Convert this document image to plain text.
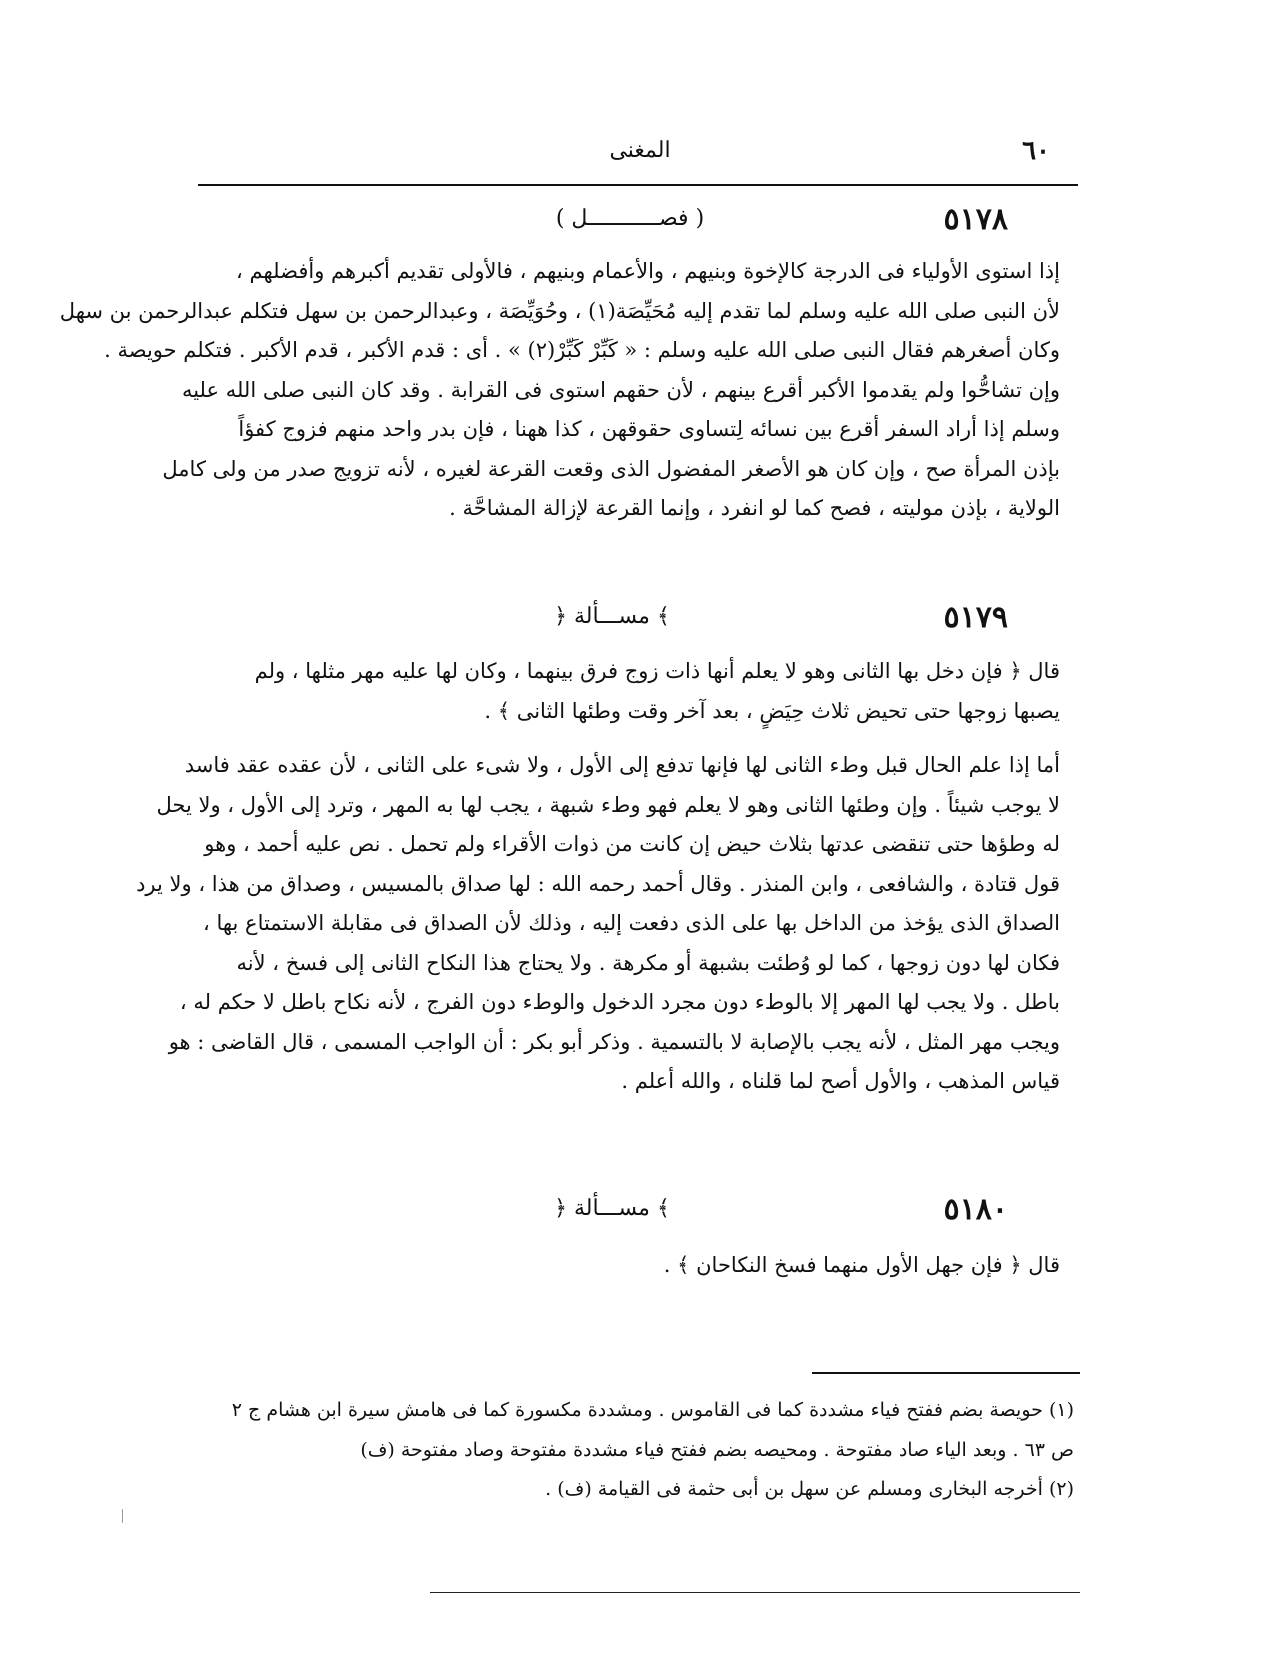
المغنى	٦٠
٥١٧٨
( فصـــــــــــل )
إذا استوى الأولياء فى الدرجة كالإخوة وبنيهم ، والأعمام وبنيهم ، فالأولى تقديم أكبرهم وأفضلهم ،
لأن النبى صلى الله عليه وسلم لما تقدم إليه مُحَيِّصَة(١) ، وحُوَيِّصَة ، وعبدالرحمن بن سهل فتكلم عبدالرحمن بن سهل
وكان أصغرهم فقال النبى صلى الله عليه وسلم : « كَبِّرْ كَبِّرْ(٢) » . أى : قدم الأكبر ، قدم الأكبر . فتكلم حويصة .
وإن تشاحُّوا ولم يقدموا الأكبر أقرع بينهم ، لأن حقهم استوى فى القرابة . وقد كان النبى صلى الله عليه
وسلم إذا أراد السفر أقرع بين نسائه لِتساوى حقوقهن ، كذا ههنا ، فإن بدر واحد منهم فزوج كفؤاً
بإذن المرأة صح ، وإن كان هو الأصغر المفضول الذى وقعت القرعة لغيره ، لأنه تزويج صدر من ولى كامل
الولاية ، بإذن موليته ، فصح كما لو انفرد ، وإنما القرعة لإزالة المشاحَّة .
٥١٧٩
﴿ مســـألة ﴾
قال ﴿ فإن دخل بها الثانى وهو لا يعلم أنها ذات زوج فرق بينهما ، وكان لها عليه مهر مثلها ، ولم
يصبها زوجها حتى تحيض ثلاث حِيَضٍ ، بعد آخر وقت وطئها الثانى ﴾ .
أما إذا علم الحال قبل وطء الثانى لها فإنها تدفع إلى الأول ، ولا شىء على الثانى ، لأن عقده عقد فاسد
لا يوجب شيئاً . وإن وطئها الثانى وهو لا يعلم فهو وطء شبهة ، يجب لها به المهر ، وترد إلى الأول ، ولا يحل
له وطؤها حتى تنقضى عدتها بثلاث حيض إن كانت من ذوات الأقراء ولم تحمل . نص عليه أحمد ، وهو
قول قتادة ، والشافعى ، وابن المنذر . وقال أحمد رحمه الله : لها صداق بالمسيس ، وصداق من هذا ، ولا يرد
الصداق الذى يؤخذ من الداخل بها على الذى دفعت إليه ، وذلك لأن الصداق فى مقابلة الاستمتاع بها ،
فكان لها دون زوجها ، كما لو وُطئت بشبهة أو مكرهة . ولا يحتاج هذا النكاح الثانى إلى فسخ ، لأنه
باطل . ولا يجب لها المهر إلا بالوطء دون مجرد الدخول والوطء دون الفرج ، لأنه نكاح باطل لا حكم له ،
ويجب مهر المثل ، لأنه يجب بالإصابة لا بالتسمية . وذكر أبو بكر : أن الواجب المسمى ، قال القاضى : هو
قياس المذهب ، والأول أصح لما قلناه ، والله أعلم .
٥١٨٠
﴿ مســـألة ﴾
قال ﴿ فإن جهل الأول منهما فسخ النكاحان ﴾ .
(١) حويصة بضم ففتح فياء مشددة كما فى القاموس . ومشددة مكسورة كما فى هامش سيرة ابن هشام ج ٢
ص ٦٣ . وبعد الياء صاد مفتوحة . ومحيصه بضم ففتح فياء مشددة مفتوحة وصاد مفتوحة (ف)
(٢) أخرجه البخارى ومسلم عن سهل بن أبى حثمة فى القيامة (ف) .
